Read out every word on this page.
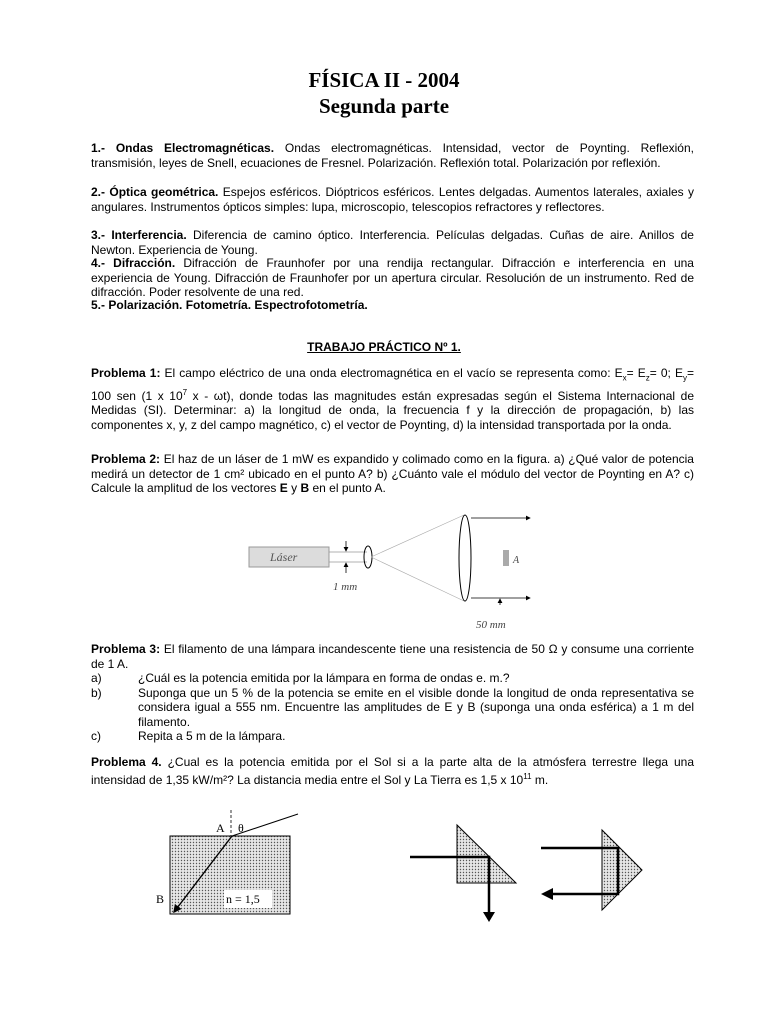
FÍSICA II - 2004
Segunda parte
1.- Ondas Electromagnéticas. Ondas electromagnéticas. Intensidad, vector de Poynting. Reflexión, transmisión, leyes de Snell, ecuaciones de Fresnel. Polarización. Reflexión total. Polarización por reflexión.
2.- Óptica geométrica. Espejos esféricos. Dióptricos esféricos. Lentes delgadas. Aumentos laterales, axiales y angulares. Instrumentos ópticos simples: lupa, microscopio, telescopios refractores y reflectores.
3.- Interferencia. Diferencia de camino óptico. Interferencia. Películas delgadas. Cuñas de aire. Anillos de Newton. Experiencia de Young.
4.- Difracción. Difracción de Fraunhofer por una rendija rectangular. Difracción e interferencia en una experiencia de Young. Difracción de Fraunhofer por un apertura circular. Resolución de un instrumento. Red de difracción. Poder resolvente de una red.
5.- Polarización. Fotometría. Espectrofotometría.
TRABAJO PRÁCTICO Nº 1.
Problema 1: El campo eléctrico de una onda electromagnética en el vacío se representa como: $E_x= E_z= 0$; $E_y= 100$ sen (1 x $10^7$ x - ωt), donde todas las magnitudes están expresadas según el Sistema Internacional de Medidas (SI). Determinar: a) la longitud de onda, la frecuencia f y la dirección de propagación, b) las componentes x, y, z del campo magnético, c) el vector de Poynting, d) la intensidad transportada por la onda.
Problema 2: El haz de un láser de 1 mW es expandido y colimado como en la figura. a) ¿Qué valor de potencia medirá un detector de 1 cm² ubicado en el punto A? b) ¿Cuánto vale el módulo del vector de Poynting en A? c) Calcule la amplitud de los vectores E y B en el punto A.
Láser	A
1 mm
50 mm
Problema 3: El filamento de una lámpara incandescente tiene una resistencia de 50 Ω y consume una corriente de 1 A.
a)	¿Cuál es la potencia emitida por la lámpara en forma de ondas e. m.?
b)	Suponga que un 5 % de la potencia se emite en el visible donde la longitud de onda representativa se considera igual a 555 nm. Encuentre las amplitudes de E y B (suponga una onda esférica) a 1 m del filamento.
c)	Repita a 5 m de la lámpara.
Problema 4. ¿Cual es la potencia emitida por el Sol si a la parte alta de la atmósfera terrestre llega una intensidad de 1,35 kW/m²? La distancia media entre el Sol y La Tierra es 1,5 x $10^{11}$ m.
A θ
B	n = 1,5
